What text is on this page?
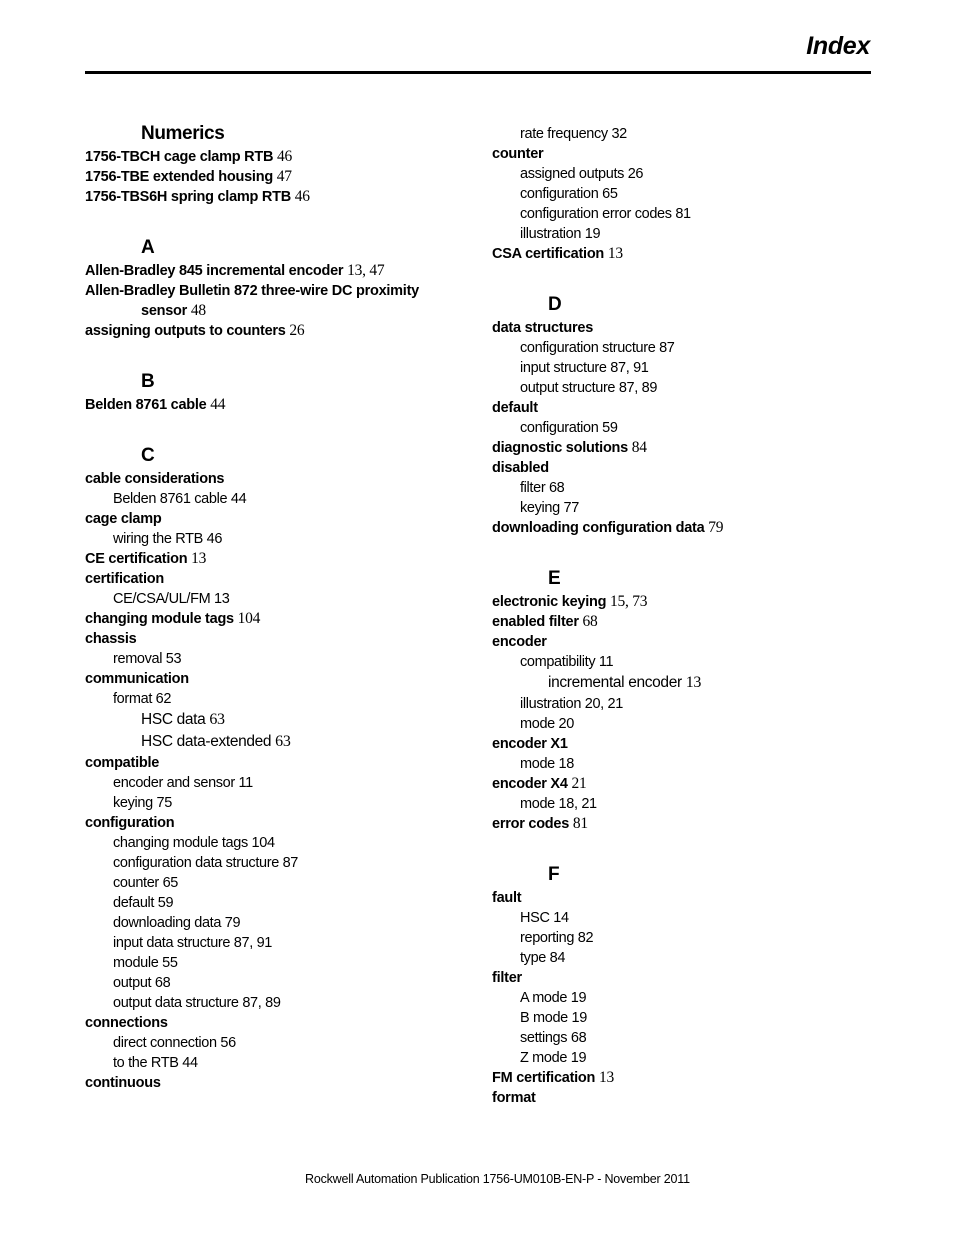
Index
Numerics
1756-TBCH cage clamp RTB 46
1756-TBE extended housing 47
1756-TBS6H spring clamp RTB 46
A
Allen-Bradley 845 incremental encoder 13, 47
Allen-Bradley Bulletin 872 three-wire DC proximity
sensor 48
assigning outputs to counters 26
B
Belden 8761 cable 44
C
cable considerations
Belden 8761 cable 44
cage clamp
wiring the RTB 46
CE certification 13
certification
CE/CSA/UL/FM 13
changing module tags 104
chassis
removal 53
communication
format 62
HSC data 63
HSC data-extended 63
compatible
encoder and sensor 11
keying 75
configuration
changing module tags 104
configuration data structure 87
counter 65
default 59
downloading data 79
input data structure 87, 91
module 55
output 68
output data structure 87, 89
connections
direct connection 56
to the RTB 44
continuous
rate frequency 32
counter
assigned outputs 26
configuration 65
configuration error codes 81
illustration 19
CSA certification 13
D
data structures
configuration structure 87
input structure 87, 91
output structure 87, 89
default
configuration 59
diagnostic solutions 84
disabled
filter 68
keying 77
downloading configuration data 79
E
electronic keying 15, 73
enabled filter 68
encoder
compatibility 11
incremental encoder 13
illustration 20, 21
mode 20
encoder X1
mode 18
encoder X4 21
mode 18, 21
error codes 81
F
fault
HSC 14
reporting 82
type 84
filter
A mode 19
B mode 19
settings 68
Z mode 19
FM certification 13
format
Rockwell Automation Publication 1756-UM010B-EN-P - November 2011
